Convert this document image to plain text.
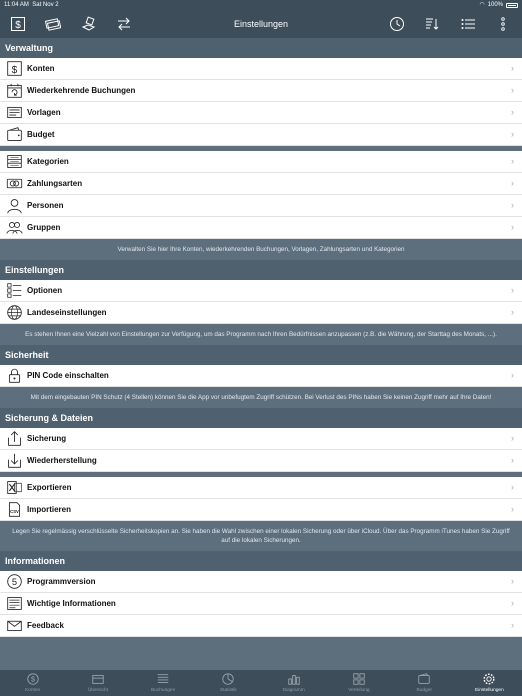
11:04 AM Sat Nov 2	◠ 100%
Einstellungen
$
Verwaltung
$ Konten	›
Wiederkehrende Buchungen	›
Vorlagen	›
Budget	›
Kategorien	›
Zahlungsarten	›
Personen	›
Gruppen	›
Verwalten Sie hier Ihre Konten, wiederkehrenden Buchungen, Vorlagen, Zahlungsarten und Kategorien
Einstellungen
Optionen	›
Landeseinstellungen	›
Es stehen Ihnen eine Vielzahl von Einstellungen zur Verfügung, um das Programm nach Ihren Bedürfnissen anzupassen (z.B. die Währung, der Starttag des Monats, ...).
Sicherheit
PIN Code einschalten	›
Mit dem eingebauten PIN Schutz (4 Stellen) können Sie die App vor unbefugtem Zugriff schützen. Bei Verlust des PINs haben Sie keinen Zugriff mehr auf Ihre Daten!
Sicherung & Dateien
Sicherung	›
Wiederherstellung	›
Exportieren	›
CSV Importieren	›
Legen Sie regelmässig verschlüsselte Sicherheitskopien an. Sie haben die Wahl zwischen einer lokalen Sicherung oder über iCloud. Über das Programm iTunes haben Sie Zugriff auf die lokalen Sicherungen.
Informationen
5 Programmversion	›
Wichtige Informationen	›
Feedback	›
$
Konten	Übersicht	Buchungen	Statistik	Diagramm	Verteilung	Budget	Einstellungen
